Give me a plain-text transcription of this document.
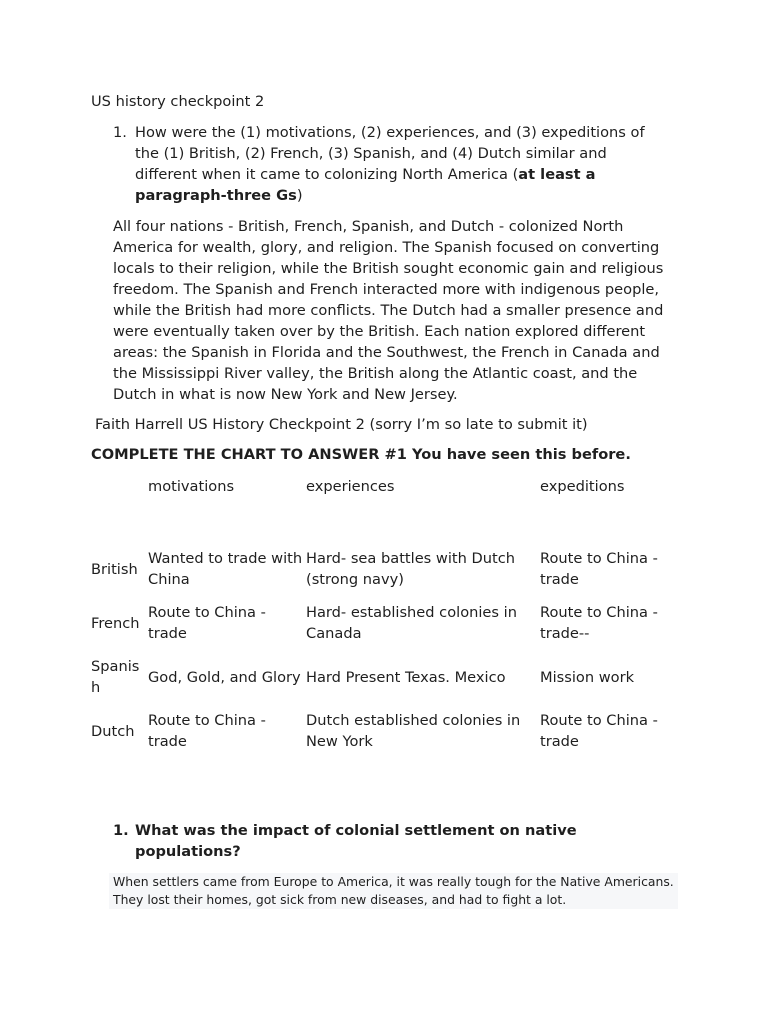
US history checkpoint 2

1. How were the (1) motivations, (2) experiences, and (3) expeditions of the (1) British, (2) French, (3) Spanish, and (4) Dutch similar and different when it came to colonizing North America (at least a paragraph-three Gs)

All four nations - British, French, Spanish, and Dutch - colonized North America for wealth, glory, and religion. The Spanish focused on converting locals to their religion, while the British sought economic gain and religious freedom. The Spanish and French interacted more with indigenous people, while the British had more conflicts. The Dutch had a smaller presence and were eventually taken over by the British. Each nation explored different areas: the Spanish in Florida and the Southwest, the French in Canada and the Mississippi River valley, the British along the Atlantic coast, and the Dutch in what is now New York and New Jersey.

Faith Harrell US History Checkpoint 2 (sorry I’m so late to submit it)

COMPLETE THE CHART TO ANSWER #1 You have seen this before.

	motivations	experiences	expeditions
British	Wanted to trade with China	Hard- sea battles with Dutch (strong navy)	Route to China - trade
French	Route to China - trade	Hard- established colonies in Canada	Route to China - trade--
Spanish	God, Gold, and Glory	Hard Present Texas. Mexico	Mission work
Dutch	Route to China - trade	Dutch established colonies in New York	Route to China - trade
1. What was the impact of colonial settlement on native populations?

When settlers came from Europe to America, it was really tough for the Native Americans. They lost their homes, got sick from new diseases, and had to fight a lot.
